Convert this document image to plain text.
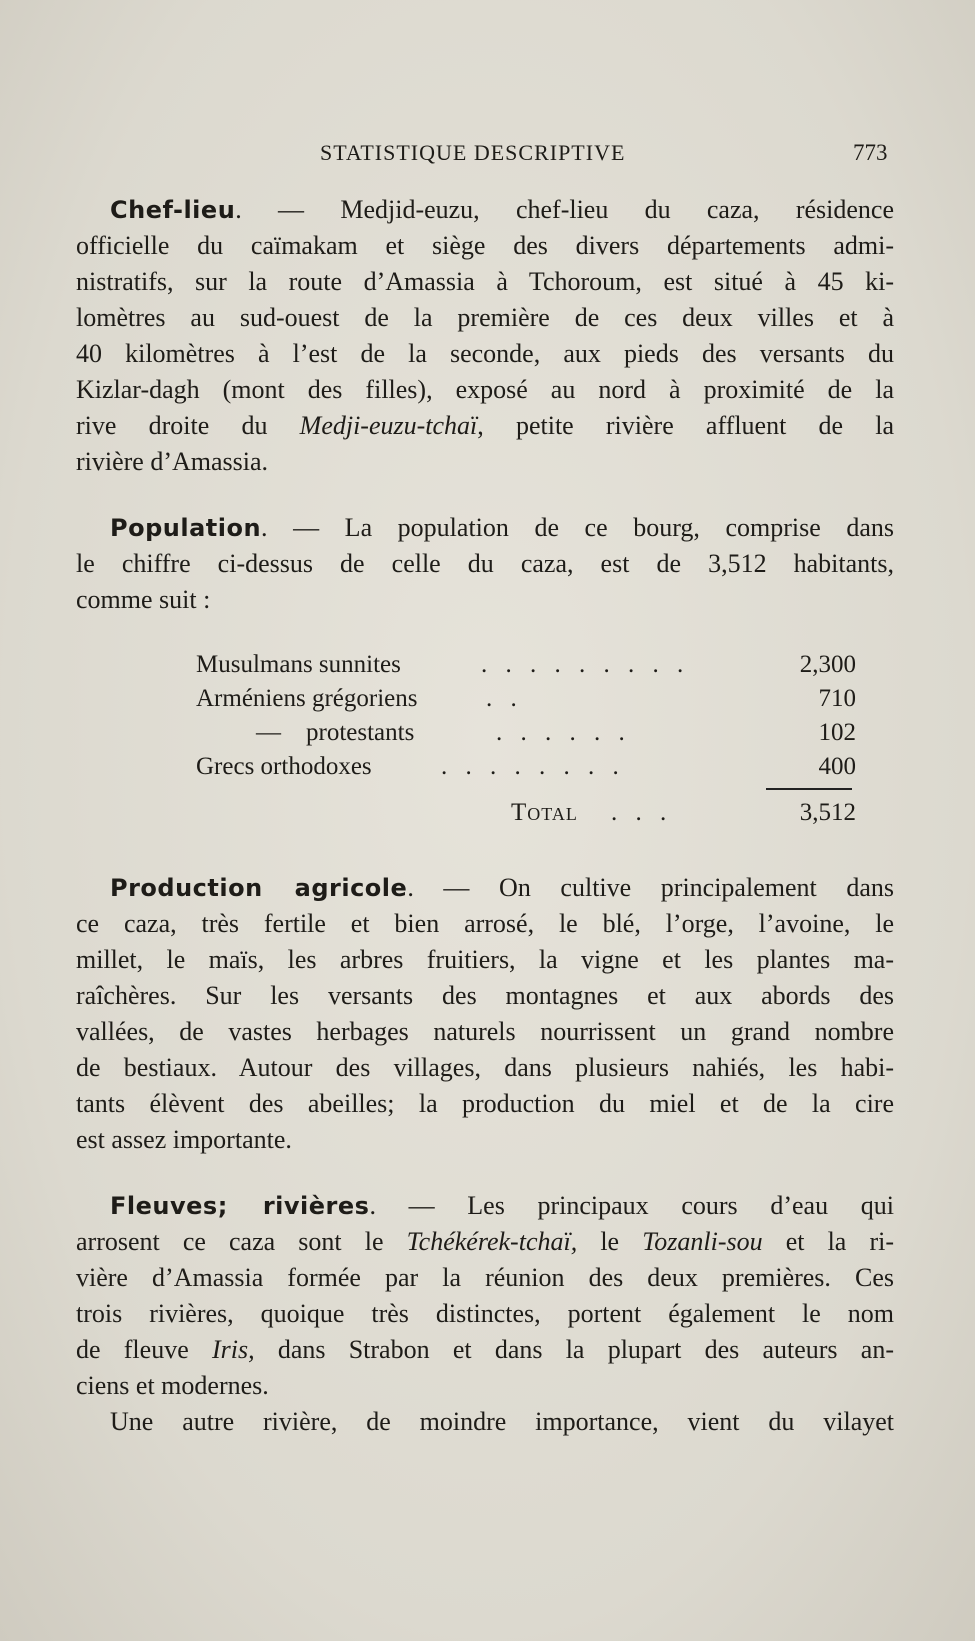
STATISTIQUE DESCRIPTIVE	773
Chef-lieu. — Medjid-euzu, chef-lieu du caza, résidence
officielle du caïmakam et siège des divers départements admi-
nistratifs, sur la route d’Amassia à Tchoroum, est situé à 45 ki-
lomètres au sud-ouest de la première de ces deux villes et à
40 kilomètres à l’est de la seconde, aux pieds des versants du
Kizlar-dagh (mont des filles), exposé au nord à proximité de la
rive droite du Medji-euzu-tchaï, petite rivière affluent de la
rivière d’Amassia.
Population. — La population de ce bourg, comprise dans
le chiffre ci-dessus de celle du caza, est de 3,512 habitants,
comme suit :
Musulmans sunnites	. . . . . . . . .	2,300
Arméniens grégoriens	. .	710
—    protestants	. . . . . .	102
Grecs orthodoxes	. . . . . . . .	400
Total . . .	3,512
Production agricole. — On cultive principalement dans
ce caza, très fertile et bien arrosé, le blé, l’orge, l’avoine, le
millet, le maïs, les arbres fruitiers, la vigne et les plantes ma-
raîchères. Sur les versants des montagnes et aux abords des
vallées, de vastes herbages naturels nourrissent un grand nombre
de bestiaux. Autour des villages, dans plusieurs nahiés, les habi-
tants élèvent des abeilles; la production du miel et de la cire
est assez importante.
Fleuves; rivières. — Les principaux cours d’eau qui
arrosent ce caza sont le Tchékérek-tchaï, le Tozanli-sou et la ri-
vière d’Amassia formée par la réunion des deux premières. Ces
trois rivières, quoique très distinctes, portent également le nom
de fleuve Iris, dans Strabon et dans la plupart des auteurs an-
ciens et modernes.
Une autre rivière, de moindre importance, vient du vilayet
